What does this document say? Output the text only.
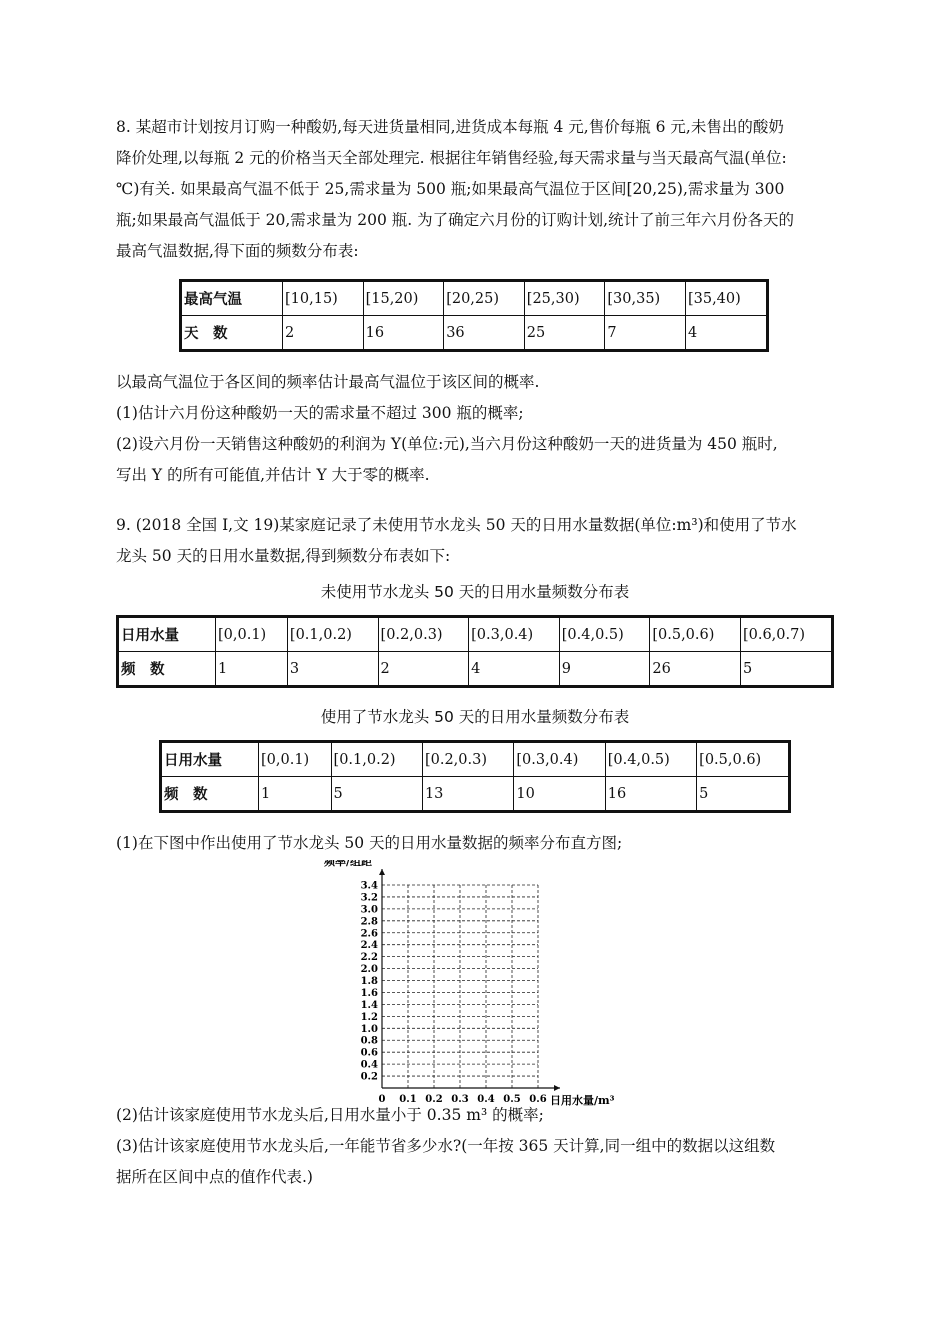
8. 某超市计划按月订购一种酸奶,每天进货量相同,进货成本每瓶 4 元,售价每瓶 6 元,未售出的酸奶
降价处理,以每瓶 2 元的价格当天全部处理完. 根据往年销售经验,每天需求量与当天最高气温(单位:
℃)有关. 如果最高气温不低于 25,需求量为 500 瓶;如果最高气温位于区间[20,25),需求量为 300
瓶;如果最高气温低于 20,需求量为 200 瓶. 为了确定六月份的订购计划,统计了前三年六月份各天的
最高气温数据,得下面的频数分布表:
最高气温	[10,15)	[15,20)	[20,25)	[25,30)	[30,35)	[35,40)
天　数	2	16	36	25	7	4
以最高气温位于各区间的频率估计最高气温位于该区间的概率.
(1)估计六月份这种酸奶一天的需求量不超过 300 瓶的概率;
(2)设六月份一天销售这种酸奶的利润为 Y(单位:元),当六月份这种酸奶一天的进货量为 450 瓶时,
写出 Y 的所有可能值,并估计 Y 大于零的概率.
9. (2018 全国 Ⅰ,文 19)某家庭记录了未使用节水龙头 50 天的日用水量数据(单位:m³)和使用了节水
龙头 50 天的日用水量数据,得到频数分布表如下:
未使用节水龙头 50 天的日用水量频数分布表
日用水量	[0,0.1)	[0.1,0.2)	[0.2,0.3)	[0.3,0.4)	[0.4,0.5)	[0.5,0.6)	[0.6,0.7)
频　数	1	3	2	4	9	26	5
使用了节水龙头 50 天的日用水量频数分布表
日用水量	[0,0.1)	[0.1,0.2)	[0.2,0.3)	[0.3,0.4)	[0.4,0.5)	[0.5,0.6)
频　数	1	5	13	10	16	5
(1)在下图中作出使用了节水龙头 50 天的日用水量数据的频率分布直方图;
0.2
0.4
0.6
0.8
1.0
1.2
1.4
1.6
1.8
2.0
2.2
2.4
2.6
2.8
3.0
3.2
3.4
0.1 0.2 0.3 0.4 0.5 0.6
0
频率/组距
日用水量/m³
(2)估计该家庭使用节水龙头后,日用水量小于 0.35 m³ 的概率;
(3)估计该家庭使用节水龙头后,一年能节省多少水?(一年按 365 天计算,同一组中的数据以这组数
据所在区间中点的值作代表.)
